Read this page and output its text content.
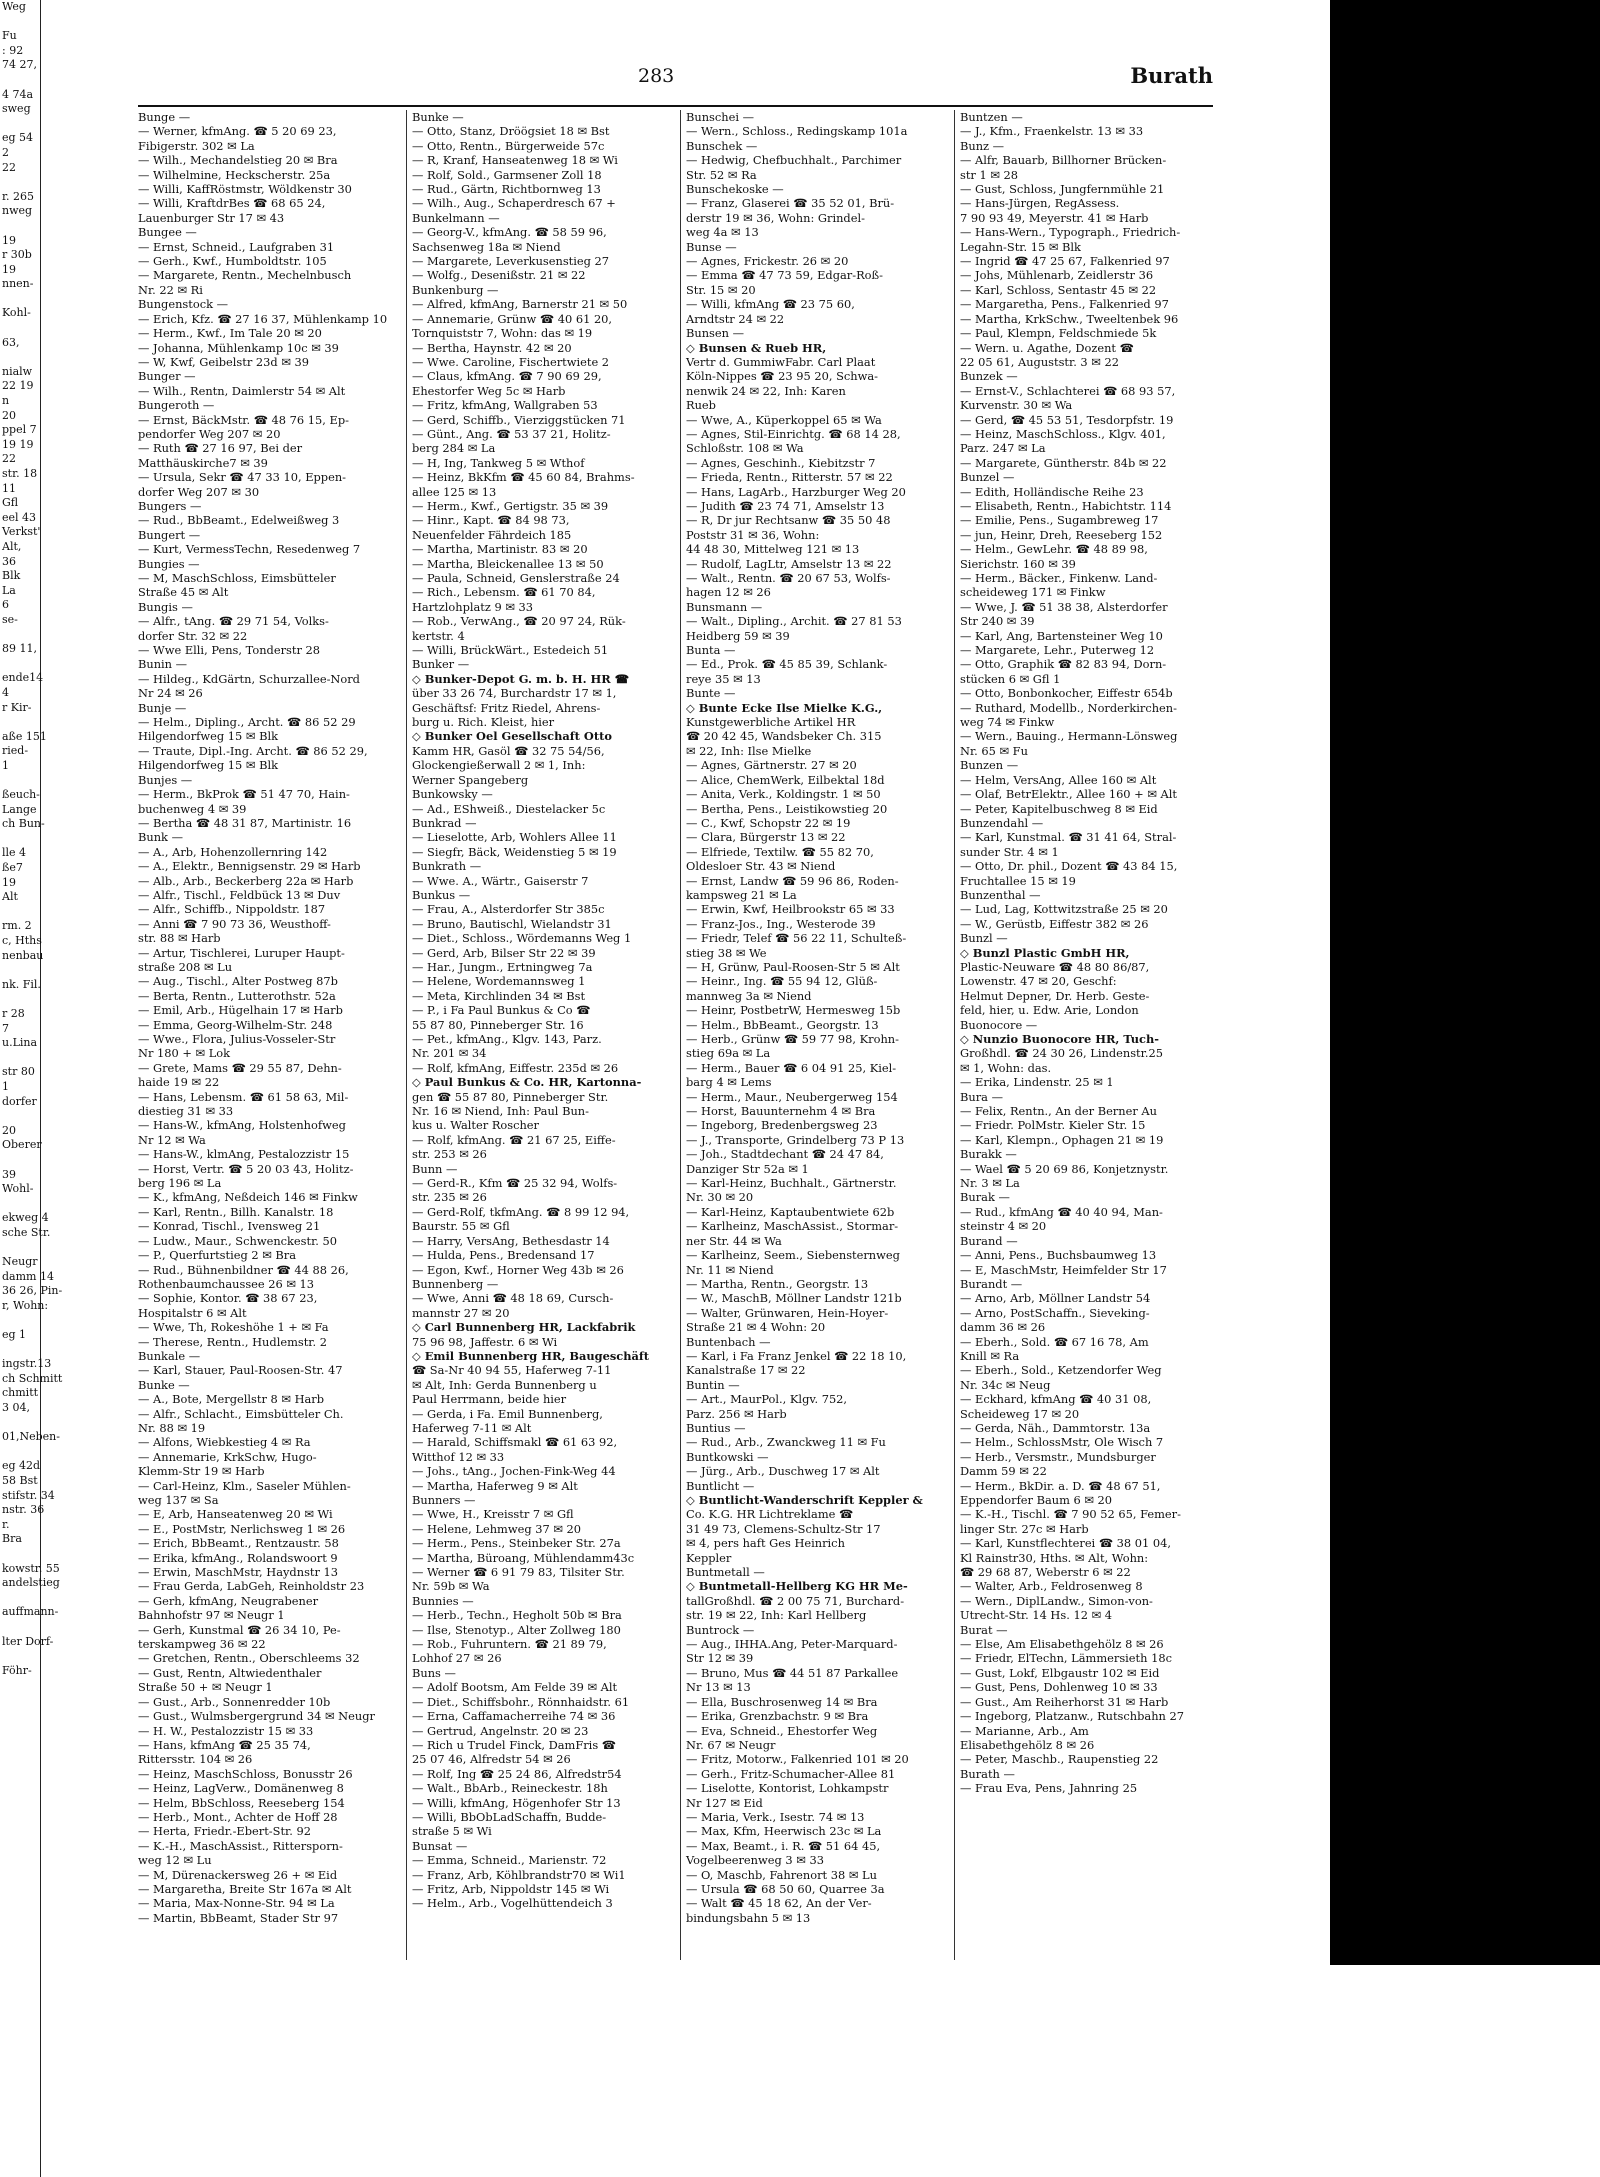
Weg

Fu
: 92
74 27,

4 74a
sweg

eg 54
2
22

r. 265
nweg

19
r 30b
19
nnen-

Kohl-

63,

nialw
22 19
n
20
ppel 7
19 19
22
str. 18
11
Gfl
eel 43
Verkst'
Alt,
36
Blk
La
6
se-

89 11,

ende14
4
r Kir-

aße 151
ried-
1

ßeuch-
Lange
ch Bun-

lle 4
ße7
19
Alt

rm. 2
c, Hths
nenbau

nk. Fil.

r 28
7
u.Lina

str 80
1
dorfer

20
Oberer

39
Wohl-

ekweg 4
sche Str.

Neugr
damm 14
36 26, Pin-
r, Wohn:

eg 1

ingstr.13
ch Schmitt
chmitt
3 04,

01,Neben-

eg 42d
58 Bst
stifstr. 34
nstr. 36
r.
Bra

kowstr. 55
andelstieg

auffmann-

lter Dorf-

Föhr-
283	Burath
Bunge —
— Werner, kfmAng. ☎ 5 20 69 23,
Fibigerstr. 302 ✉ La
— Wilh., Mechandelstieg 20 ✉ Bra
— Wilhelmine, Heckscherstr. 25a
— Willi, KaffRöstmstr, Wöldkenstr 30
— Willi, KraftdrBes ☎ 68 65 24,
Lauenburger Str 17 ✉ 43
Bungee —
— Ernst, Schneid., Laufgraben 31
— Gerh., Kwf., Humboldtstr. 105
— Margarete, Rentn., Mechelnbusch
Nr. 22 ✉ Ri
Bungenstock —
— Erich, Kfz. ☎ 27 16 37, Mühlenkamp 10
— Herm., Kwf., Im Tale 20 ✉ 20
— Johanna, Mühlenkamp 10c ✉ 39
— W, Kwf, Geibelstr 23d ✉ 39
Bunger —
— Wilh., Rentn, Daimlerstr 54 ✉ Alt
Bungeroth —
— Ernst, BäckMstr. ☎ 48 76 15, Ep-
pendorfer Weg 207 ✉ 20
— Ruth ☎ 27 16 97, Bei der
Matthäuskirche7 ✉ 39
— Ursula, Sekr ☎ 47 33 10, Eppen-
dorfer Weg 207 ✉ 30
Bungers —
— Rud., BbBeamt., Edelweißweg 3
Bungert —
— Kurt, VermessTechn, Resedenweg 7
Bungies —
— M, MaschSchloss, Eimsbütteler
Straße 45 ✉ Alt
Bungis —
— Alfr., tAng. ☎ 29 71 54, Volks-
dorfer Str. 32 ✉ 22
— Wwe Elli, Pens, Tonderstr 28
Bunin —
— Hildeg., KdGärtn, Schurzallee-Nord
Nr 24 ✉ 26
Bunje —
— Helm., Dipling., Archt. ☎ 86 52 29
Hilgendorfweg 15 ✉ Blk
— Traute, Dipl.-Ing. Archt. ☎ 86 52 29,
Hilgendorfweg 15 ✉ Blk
Bunjes —
— Herm., BkProk ☎ 51 47 70, Hain-
buchenweg 4 ✉ 39
— Bertha ☎ 48 31 87, Martinistr. 16
Bunk —
— A., Arb, Hohenzollernring 142
— A., Elektr., Bennigsenstr. 29 ✉ Harb
— Alb., Arb., Beckerberg 22a ✉ Harb
— Alfr., Tischl., Feldbück 13 ✉ Duv
— Alfr., Schiffb., Nippoldstr. 187
— Anni ☎ 7 90 73 36, Weusthoff-
str. 88 ✉ Harb
— Artur, Tischlerei, Luruper Haupt-
straße 208 ✉ Lu
— Aug., Tischl., Alter Postweg 87b
— Berta, Rentn., Lutterothstr. 52a
— Emil, Arb., Hügelhain 17 ✉ Harb
— Emma, Georg-Wilhelm-Str. 248
— Wwe., Flora, Julius-Vosseler-Str
Nr 180 + ✉ Lok
— Grete, Mams ☎ 29 55 87, Dehn-
haide 19 ✉ 22
— Hans, Lebensm. ☎ 61 58 63, Mil-
diestieg 31 ✉ 33
— Hans-W., kfmAng, Holstenhofweg
Nr 12 ✉ Wa
— Hans-W., klmAng, Pestalozzistr 15
— Horst, Vertr. ☎ 5 20 03 43, Holitz-
berg 196 ✉ La
— K., kfmAng, Neßdeich 146 ✉ Finkw
— Karl, Rentn., Billh. Kanalstr. 18
— Konrad, Tischl., Ivensweg 21
— Ludw., Maur., Schwenckestr. 50
— P., Querfurtstieg 2 ✉ Bra
— Rud., Bühnenbildner ☎ 44 88 26,
Rothenbaumchaussee 26 ✉ 13
— Sophie, Kontor. ☎ 38 67 23,
Hospitalstr 6 ✉ Alt
— Wwe, Th, Rokeshöhe 1 + ✉ Fa
— Therese, Rentn., Hudlemstr. 2
Bunkale —
— Karl, Stauer, Paul-Roosen-Str. 47
Bunke —
— A., Bote, Mergellstr 8 ✉ Harb
— Alfr., Schlacht., Eimsbütteler Ch.
Nr. 88 ✉ 19
— Alfons, Wiebkestieg 4 ✉ Ra
— Annemarie, KrkSchw, Hugo-
Klemm-Str 19 ✉ Harb
— Carl-Heinz, Klm., Saseler Mühlen-
weg 137 ✉ Sa
— E, Arb, Hanseatenweg 20 ✉ Wi
— E., PostMstr, Nerlichsweg 1 ✉ 26
— Erich, BbBeamt., Rentzaustr. 58
— Erika, kfmAng., Rolandswoort 9
— Erwin, MaschMstr, Haydnstr 13
— Frau Gerda, LabGeh, Reinholdstr 23
— Gerh, kfmAng, Neugrabener
Bahnhofstr 97 ✉ Neugr 1
— Gerh, Kunstmal ☎ 26 34 10, Pe-
terskampweg 36 ✉ 22
— Gretchen, Rentn., Oberschleems 32
— Gust, Rentn, Altwiedenthaler
Straße 50 + ✉ Neugr 1
— Gust., Arb., Sonnenredder 10b
— Gust., Wulmsbergergrund 34 ✉ Neugr
— H. W., Pestalozzistr 15 ✉ 33
— Hans, kfmAng ☎ 25 35 74,
Rittersstr. 104 ✉ 26
— Heinz, MaschSchloss, Bonusstr 26
— Heinz, LagVerw., Domänenweg 8
— Helm, BbSchloss, Reeseberg 154
— Herb., Mont., Achter de Hoff 28
— Herta, Friedr.-Ebert-Str. 92
— K.-H., MaschAssist., Rittersporn-
weg 12 ✉ Lu
— M, Dürenackersweg 26 + ✉ Eid
— Margaretha, Breite Str 167a ✉ Alt
— Maria, Max-Nonne-Str. 94 ✉ La
— Martin, BbBeamt, Stader Str 97
Bunke —
— Otto, Stanz, Dröögsiet 18 ✉ Bst
— Otto, Rentn., Bürgerweide 57c
— R, Kranf, Hanseatenweg 18 ✉ Wi
— Rolf, Sold., Garmsener Zoll 18
— Rud., Gärtn, Richtbornweg 13
— Wilh., Aug., Schaperdresch 67 +
Bunkelmann —
— Georg-V., kfmAng. ☎ 58 59 96,
Sachsenweg 18a ✉ Niend
— Margarete, Leverkusenstieg 27
— Wolfg., Desenißstr. 21 ✉ 22
Bunkenburg —
— Alfred, kfmAng, Barnerstr 21 ✉ 50
— Annemarie, Grünw ☎ 40 61 20,
Tornquiststr 7, Wohn: das ✉ 19
— Bertha, Haynstr. 42 ✉ 20
— Wwe. Caroline, Fischertwiete 2
— Claus, kfmAng. ☎ 7 90 69 29,
Ehestorfer Weg 5c ✉ Harb
— Fritz, kfmAng, Wallgraben 53
— Gerd, Schiffb., Vierziggstücken 71
— Günt., Ang. ☎ 53 37 21, Holitz-
berg 284 ✉ La
— H, Ing, Tankweg 5 ✉ Wthof
— Heinz, BkKfm ☎ 45 60 84, Brahms-
allee 125 ✉ 13
— Herm., Kwf., Gertigstr. 35 ✉ 39
— Hinr., Kapt. ☎ 84 98 73,
Neuenfelder Fährdeich 185
— Martha, Martinistr. 83 ✉ 20
— Martha, Bleickenallee 13 ✉ 50
— Paula, Schneid, Genslerstraße 24
— Rich., Lebensm. ☎ 61 70 84,
Hartzlohplatz 9 ✉ 33
— Rob., VerwAng., ☎ 20 97 24, Rük-
kertstr. 4
— Willi, BrückWärt., Estedeich 51
Bunker —
◇ Bunker-Depot G. m. b. H. HR ☎
über 33 26 74, Burchardstr 17 ✉ 1,
Geschäftsf: Fritz Riedel, Ahrens-
burg u. Rich. Kleist, hier
◇ Bunker Oel Gesellschaft Otto
Kamm HR, Gasöl ☎ 32 75 54/56,
Glockengießerwall 2 ✉ 1, Inh:
Werner Spangeberg
Bunkowsky —
— Ad., EShweiß., Diestelacker 5c
Bunkrad —
— Lieselotte, Arb, Wohlers Allee 11
— Siegfr, Bäck, Weidenstieg 5 ✉ 19
Bunkrath —
— Wwe. A., Wärtr., Gaiserstr 7
Bunkus —
— Frau, A., Alsterdorfer Str 385c
— Bruno, Bautischl, Wielandstr 31
— Diet., Schloss., Wördemanns Weg 1
— Gerd, Arb, Bilser Str 22 ✉ 39
— Har., Jungm., Ertningweg 7a
— Helene, Wordemannsweg 1
— Meta, Kirchlinden 34 ✉ Bst
— P., i Fa Paul Bunkus & Co ☎
55 87 80, Pinneberger Str. 16
— Pet., kfmAng., Klgv. 143, Parz.
Nr. 201 ✉ 34
— Rolf, kfmAng, Eiffestr. 235d ✉ 26
◇ Paul Bunkus & Co. HR, Kartonna-
gen ☎ 55 87 80, Pinneberger Str.
Nr. 16 ✉ Niend, Inh: Paul Bun-
kus u. Walter Roscher
— Rolf, kfmAng. ☎ 21 67 25, Eiffe-
str. 253 ✉ 26
Bunn —
— Gerd-R., Kfm ☎ 25 32 94, Wolfs-
str. 235 ✉ 26
— Gerd-Rolf, tkfmAng. ☎ 8 99 12 94,
Baurstr. 55 ✉ Gfl
— Harry, VersAng, Bethesdastr 14
— Hulda, Pens., Bredensand 17
— Egon, Kwf., Horner Weg 43b ✉ 26
Bunnenberg —
— Wwe, Anni ☎ 48 18 69, Cursch-
mannstr 27 ✉ 20
◇ Carl Bunnenberg HR, Lackfabrik
75 96 98, Jaffestr. 6 ✉ Wi
◇ Emil Bunnenberg HR, Baugeschäft
☎ Sa-Nr 40 94 55, Haferweg 7-11
✉ Alt, Inh: Gerda Bunnenberg u
Paul Herrmann, beide hier
— Gerda, i Fa. Emil Bunnenberg,
Haferweg 7-11 ✉ Alt
— Harald, Schiffsmakl ☎ 61 63 92,
Witthof 12 ✉ 33
— Johs., tAng., Jochen-Fink-Weg 44
— Martha, Haferweg 9 ✉ Alt
Bunners —
— Wwe, H., Kreisstr 7 ✉ Gfl
— Helene, Lehmweg 37 ✉ 20
— Herm., Pens., Steinbeker Str. 27a
— Martha, Büroang, Mühlendamm43c
— Werner ☎ 6 91 79 83, Tilsiter Str.
Nr. 59b ✉ Wa
Bunnies —
— Herb., Techn., Hegholt 50b ✉ Bra
— Ilse, Stenotyp., Alter Zollweg 180
— Rob., Fuhruntern. ☎ 21 89 79,
Lohhof 27 ✉ 26
Buns —
— Adolf Bootsm, Am Felde 39 ✉ Alt
— Diet., Schiffsbohr., Rönnhaidstr. 61
— Erna, Caffamacherreihe 74 ✉ 36
— Gertrud, Angelnstr. 20 ✉ 23
— Rich u Trudel Finck, DamFris ☎
25 07 46, Alfredstr 54 ✉ 26
— Rolf, Ing ☎ 25 24 86, Alfredstr54
— Walt., BbArb., Reineckestr. 18h
— Willi, kfmAng, Högenhofer Str 13
— Willi, BbObLadSchaffn, Budde-
straße 5 ✉ Wi
Bunsat —
— Emma, Schneid., Marienstr. 72
— Franz, Arb, Köhlbrandstr70 ✉ Wi1
— Fritz, Arb, Nippoldstr 145 ✉ Wi
— Helm., Arb., Vogelhüttendeich 3
Bunschei —
— Wern., Schloss., Redingskamp 101a
Bunschek —
— Hedwig, Chefbuchhalt., Parchimer
Str. 52 ✉ Ra
Bunschekoske —
— Franz, Glaserei ☎ 35 52 01, Brü-
derstr 19 ✉ 36, Wohn: Grindel-
weg 4a ✉ 13
Bunse —
— Agnes, Frickestr. 26 ✉ 20
— Emma ☎ 47 73 59, Edgar-Roß-
Str. 15 ✉ 20
— Willi, kfmAng ☎ 23 75 60,
Arndtstr 24 ✉ 22
Bunsen —
◇ Bunsen & Rueb HR,
Vertr d. GummiwFabr. Carl Plaat
Köln-Nippes ☎ 23 95 20, Schwa-
nenwik 24 ✉ 22, Inh: Karen
Rueb
— Wwe, A., Küperkoppel 65 ✉ Wa
— Agnes, Stil-Einrichtg. ☎ 68 14 28,
Schloßstr. 108 ✉ Wa
— Agnes, Geschinh., Kiebitzstr 7
— Frieda, Rentn., Ritterstr. 57 ✉ 22
— Hans, LagArb., Harzburger Weg 20
— Judith ☎ 23 74 71, Amselstr 13
— R, Dr jur Rechtsanw ☎ 35 50 48
Poststr 31 ✉ 36, Wohn:
44 48 30, Mittelweg 121 ✉ 13
— Rudolf, LagLtr, Amselstr 13 ✉ 22
— Walt., Rentn. ☎ 20 67 53, Wolfs-
hagen 12 ✉ 26
Bunsmann —
— Walt., Dipling., Archit. ☎ 27 81 53
Heidberg 59 ✉ 39
Bunta —
— Ed., Prok. ☎ 45 85 39, Schlank-
reye 35 ✉ 13
Bunte —
◇ Bunte Ecke Ilse Mielke K.G.,
Kunstgewerbliche Artikel HR
☎ 20 42 45, Wandsbeker Ch. 315
✉ 22, Inh: Ilse Mielke
— Agnes, Gärtnerstr. 27 ✉ 20
— Alice, ChemWerk, Eilbektal 18d
— Anita, Verk., Koldingstr. 1 ✉ 50
— Bertha, Pens., Leistikowstieg 20
— C., Kwf, Schopstr 22 ✉ 19
— Clara, Bürgerstr 13 ✉ 22
— Elfriede, Textilw. ☎ 55 82 70,
Oldesloer Str. 43 ✉ Niend
— Ernst, Landw ☎ 59 96 86, Roden-
kampsweg 21 ✉ La
— Erwin, Kwf, Heilbrookstr 65 ✉ 33
— Franz-Jos., Ing., Westerode 39
— Friedr, Telef ☎ 56 22 11, Schulteß-
stieg 38 ✉ We
— H, Grünw, Paul-Roosen-Str 5 ✉ Alt
— Heinr., Ing. ☎ 55 94 12, Glüß-
mannweg 3a ✉ Niend
— Heinr, PostbetrW, Hermesweg 15b
— Helm., BbBeamt., Georgstr. 13
— Herb., Grünw ☎ 59 77 98, Krohn-
stieg 69a ✉ La
— Herm., Bauer ☎ 6 04 91 25, Kiel-
barg 4 ✉ Lems
— Herm., Maur., Neubergerweg 154
— Horst, Bauunternehm 4 ✉ Bra
— Ingeborg, Bredenbergsweg 23
— J., Transporte, Grindelberg 73 P 13
— Joh., Stadtdechant ☎ 24 47 84,
Danziger Str 52a ✉ 1
— Karl-Heinz, Buchhalt., Gärtnerstr.
Nr. 30 ✉ 20
— Karl-Heinz, Kaptaubentwiete 62b
— Karlheinz, MaschAssist., Stormar-
ner Str. 44 ✉ Wa
— Karlheinz, Seem., Siebensternweg
Nr. 11 ✉ Niend
— Martha, Rentn., Georgstr. 13
— W., MaschB, Möllner Landstr 121b
— Walter, Grünwaren, Hein-Hoyer-
Straße 21 ✉ 4 Wohn: 20
Buntenbach —
— Karl, i Fa Franz Jenkel ☎ 22 18 10,
Kanalstraße 17 ✉ 22
Buntin —
— Art., MaurPol., Klgv. 752,
Parz. 256 ✉ Harb
Buntius —
— Rud., Arb., Zwanckweg 11 ✉ Fu
Buntkowski —
— Jürg., Arb., Duschweg 17 ✉ Alt
Buntlicht —
◇ Buntlicht-Wanderschrift Keppler &
Co. K.G. HR Lichtreklame ☎
31 49 73, Clemens-Schultz-Str 17
✉ 4, pers haft Ges Heinrich
Keppler
Buntmetall —
◇ Buntmetall-Hellberg KG HR Me-
tallGroßhdl. ☎ 2 00 75 71, Burchard-
str. 19 ✉ 22, Inh: Karl Hellberg
Buntrock —
— Aug., IHHA.Ang, Peter-Marquard-
Str 12 ✉ 39
— Bruno, Mus ☎ 44 51 87 Parkallee
Nr 13 ✉ 13
— Ella, Buschrosenweg 14 ✉ Bra
— Erika, Grenzbachstr. 9 ✉ Bra
— Eva, Schneid., Ehestorfer Weg
Nr. 67 ✉ Neugr
— Fritz, Motorw., Falkenried 101 ✉ 20
— Gerh., Fritz-Schumacher-Allee 81
— Liselotte, Kontorist, Lohkampstr
Nr 127 ✉ Eid
— Maria, Verk., Isestr. 74 ✉ 13
— Max, Kfm, Heerwisch 23c ✉ La
— Max, Beamt., i. R. ☎ 51 64 45,
Vogelbeerenweg 3 ✉ 33
— O, Maschb, Fahrenort 38 ✉ Lu
— Ursula ☎ 68 50 60, Quarree 3a
— Walt ☎ 45 18 62, An der Ver-
bindungsbahn 5 ✉ 13
Buntzen —
— J., Kfm., Fraenkelstr. 13 ✉ 33
Bunz —
— Alfr, Bauarb, Billhorner Brücken-
str 1 ✉ 28
— Gust, Schloss, Jungfernmühle 21
— Hans-Jürgen, RegAssess.
7 90 93 49, Meyerstr. 41 ✉ Harb
— Hans-Wern., Typograph., Friedrich-
Legahn-Str. 15 ✉ Blk
— Ingrid ☎ 47 25 67, Falkenried 97
— Johs, Mühlenarb, Zeidlerstr 36
— Karl, Schloss, Sentastr 45 ✉ 22
— Margaretha, Pens., Falkenried 97
— Martha, KrkSchw., Tweeltenbek 96
— Paul, Klempn, Feldschmiede 5k
— Wern. u. Agathe, Dozent ☎
22 05 61, Auguststr. 3 ✉ 22
Bunzek —
— Ernst-V., Schlachterei ☎ 68 93 57,
Kurvenstr. 30 ✉ Wa
— Gerd, ☎ 45 53 51, Tesdorpfstr. 19
— Heinz, MaschSchloss., Klgv. 401,
Parz. 247 ✉ La
— Margarete, Güntherstr. 84b ✉ 22
Bunzel —
— Edith, Holländische Reihe 23
— Elisabeth, Rentn., Habichtstr. 114
— Emilie, Pens., Sugambreweg 17
— jun, Heinr, Dreh, Reeseberg 152
— Helm., GewLehr. ☎ 48 89 98,
Sierichstr. 160 ✉ 39
— Herm., Bäcker., Finkenw. Land-
scheideweg 171 ✉ Finkw
— Wwe, J. ☎ 51 38 38, Alsterdorfer
Str 240 ✉ 39
— Karl, Ang, Bartensteiner Weg 10
— Margarete, Lehr., Puterweg 12
— Otto, Graphik ☎ 82 83 94, Dorn-
stücken 6 ✉ Gfl 1
— Otto, Bonbonkocher, Eiffestr 654b
— Ruthard, Modellb., Norderkirchen-
weg 74 ✉ Finkw
— Wern., Bauing., Hermann-Lönsweg
Nr. 65 ✉ Fu
Bunzen —
— Helm, VersAng, Allee 160 ✉ Alt
— Olaf, BetrElektr., Allee 160 + ✉ Alt
— Peter, Kapitelbuschweg 8 ✉ Eid
Bunzendahl —
— Karl, Kunstmal. ☎ 31 41 64, Stral-
sunder Str. 4 ✉ 1
— Otto, Dr. phil., Dozent ☎ 43 84 15,
Fruchtallee 15 ✉ 19
Bunzenthal —
— Lud, Lag, Kottwitzstraße 25 ✉ 20
— W., Gerüstb, Eiffestr 382 ✉ 26
Bunzl —
◇ Bunzl Plastic GmbH HR,
Plastic-Neuware ☎ 48 80 86/87,
Lowenstr. 47 ✉ 20, Geschf:
Helmut Depner, Dr. Herb. Geste-
feld, hier, u. Edw. Arie, London
Buonocore —
◇ Nunzio Buonocore HR, Tuch-
Großhdl. ☎ 24 30 26, Lindenstr.25
✉ 1, Wohn: das.
— Erika, Lindenstr. 25 ✉ 1
Bura —
— Felix, Rentn., An der Berner Au
— Friedr. PolMstr. Kieler Str. 15
— Karl, Klempn., Ophagen 21 ✉ 19
Burakk —
— Wael ☎ 5 20 69 86, Konjetznystr.
Nr. 3 ✉ La
Burak —
— Rud., kfmAng ☎ 40 40 94, Man-
steinstr 4 ✉ 20
Burand —
— Anni, Pens., Buchsbaumweg 13
— E, MaschMstr, Heimfelder Str 17
Burandt —
— Arno, Arb, Möllner Landstr 54
— Arno, PostSchaffn., Sieveking-
damm 36 ✉ 26
— Eberh., Sold. ☎ 67 16 78, Am
Knill ✉ Ra
— Eberh., Sold., Ketzendorfer Weg
Nr. 34c ✉ Neug
— Eckhard, kfmAng ☎ 40 31 08,
Scheideweg 17 ✉ 20
— Gerda, Näh., Dammtorstr. 13a
— Helm., SchlossMstr, Ole Wisch 7
— Herb., Versmstr., Mundsburger
Damm 59 ✉ 22
— Herm., BkDir. a. D. ☎ 48 67 51,
Eppendorfer Baum 6 ✉ 20
— K.-H., Tischl. ☎ 7 90 52 65, Femer-
linger Str. 27c ✉ Harb
— Karl, Kunstflechterei ☎ 38 01 04,
Kl Rainstr30, Hths. ✉ Alt, Wohn:
☎ 29 68 87, Weberstr 6 ✉ 22
— Walter, Arb., Feldrosenweg 8
— Wern., DiplLandw., Simon-von-
Utrecht-Str. 14 Hs. 12 ✉ 4
Burat —
— Else, Am Elisabethgehölz 8 ✉ 26
— Friedr, ElTechn, Lämmersieth 18c
— Gust, Lokf, Elbgaustr 102 ✉ Eid
— Gust, Pens, Dohlenweg 10 ✉ 33
— Gust., Am Reiherhorst 31 ✉ Harb
— Ingeborg, Platzanw., Rutschbahn 27
— Marianne, Arb., Am
Elisabethgehölz 8 ✉ 26
— Peter, Maschb., Raupenstieg 22
Burath —
— Frau Eva, Pens, Jahnring 25
